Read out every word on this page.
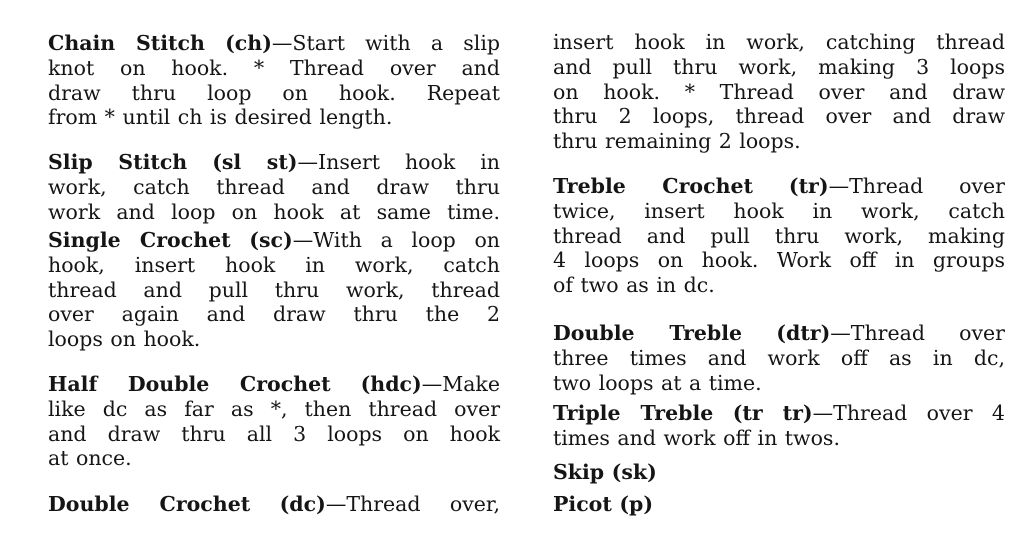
Chain Stitch (ch)—Start with a slip
knot on hook. * Thread over and
draw thru loop on hook. Repeat
from * until ch is desired length.
Slip Stitch (sl st)—Insert hook in
work, catch thread and draw thru
work and loop on hook at same time.
Single Crochet (sc)—With a loop on
hook, insert hook in work, catch
thread and pull thru work, thread
over again and draw thru the 2
loops on hook.
Half Double Crochet (hdc)—Make
like dc as far as *, then thread over
and draw thru all 3 loops on hook
at once.
Double Crochet (dc)—Thread over,
insert hook in work, catching thread
and pull thru work, making 3 loops
on hook. * Thread over and draw
thru 2 loops, thread over and draw
thru remaining 2 loops.
Treble Crochet (tr)—Thread over
twice, insert hook in work, catch
thread and pull thru work, making
4 loops on hook. Work off in groups
of two as in dc.
Double Treble (dtr)—Thread over
three times and work off as in dc,
two loops at a time.
Triple Treble (tr tr)—Thread over 4
times and work off in twos.
Skip (sk)
Picot (p)
